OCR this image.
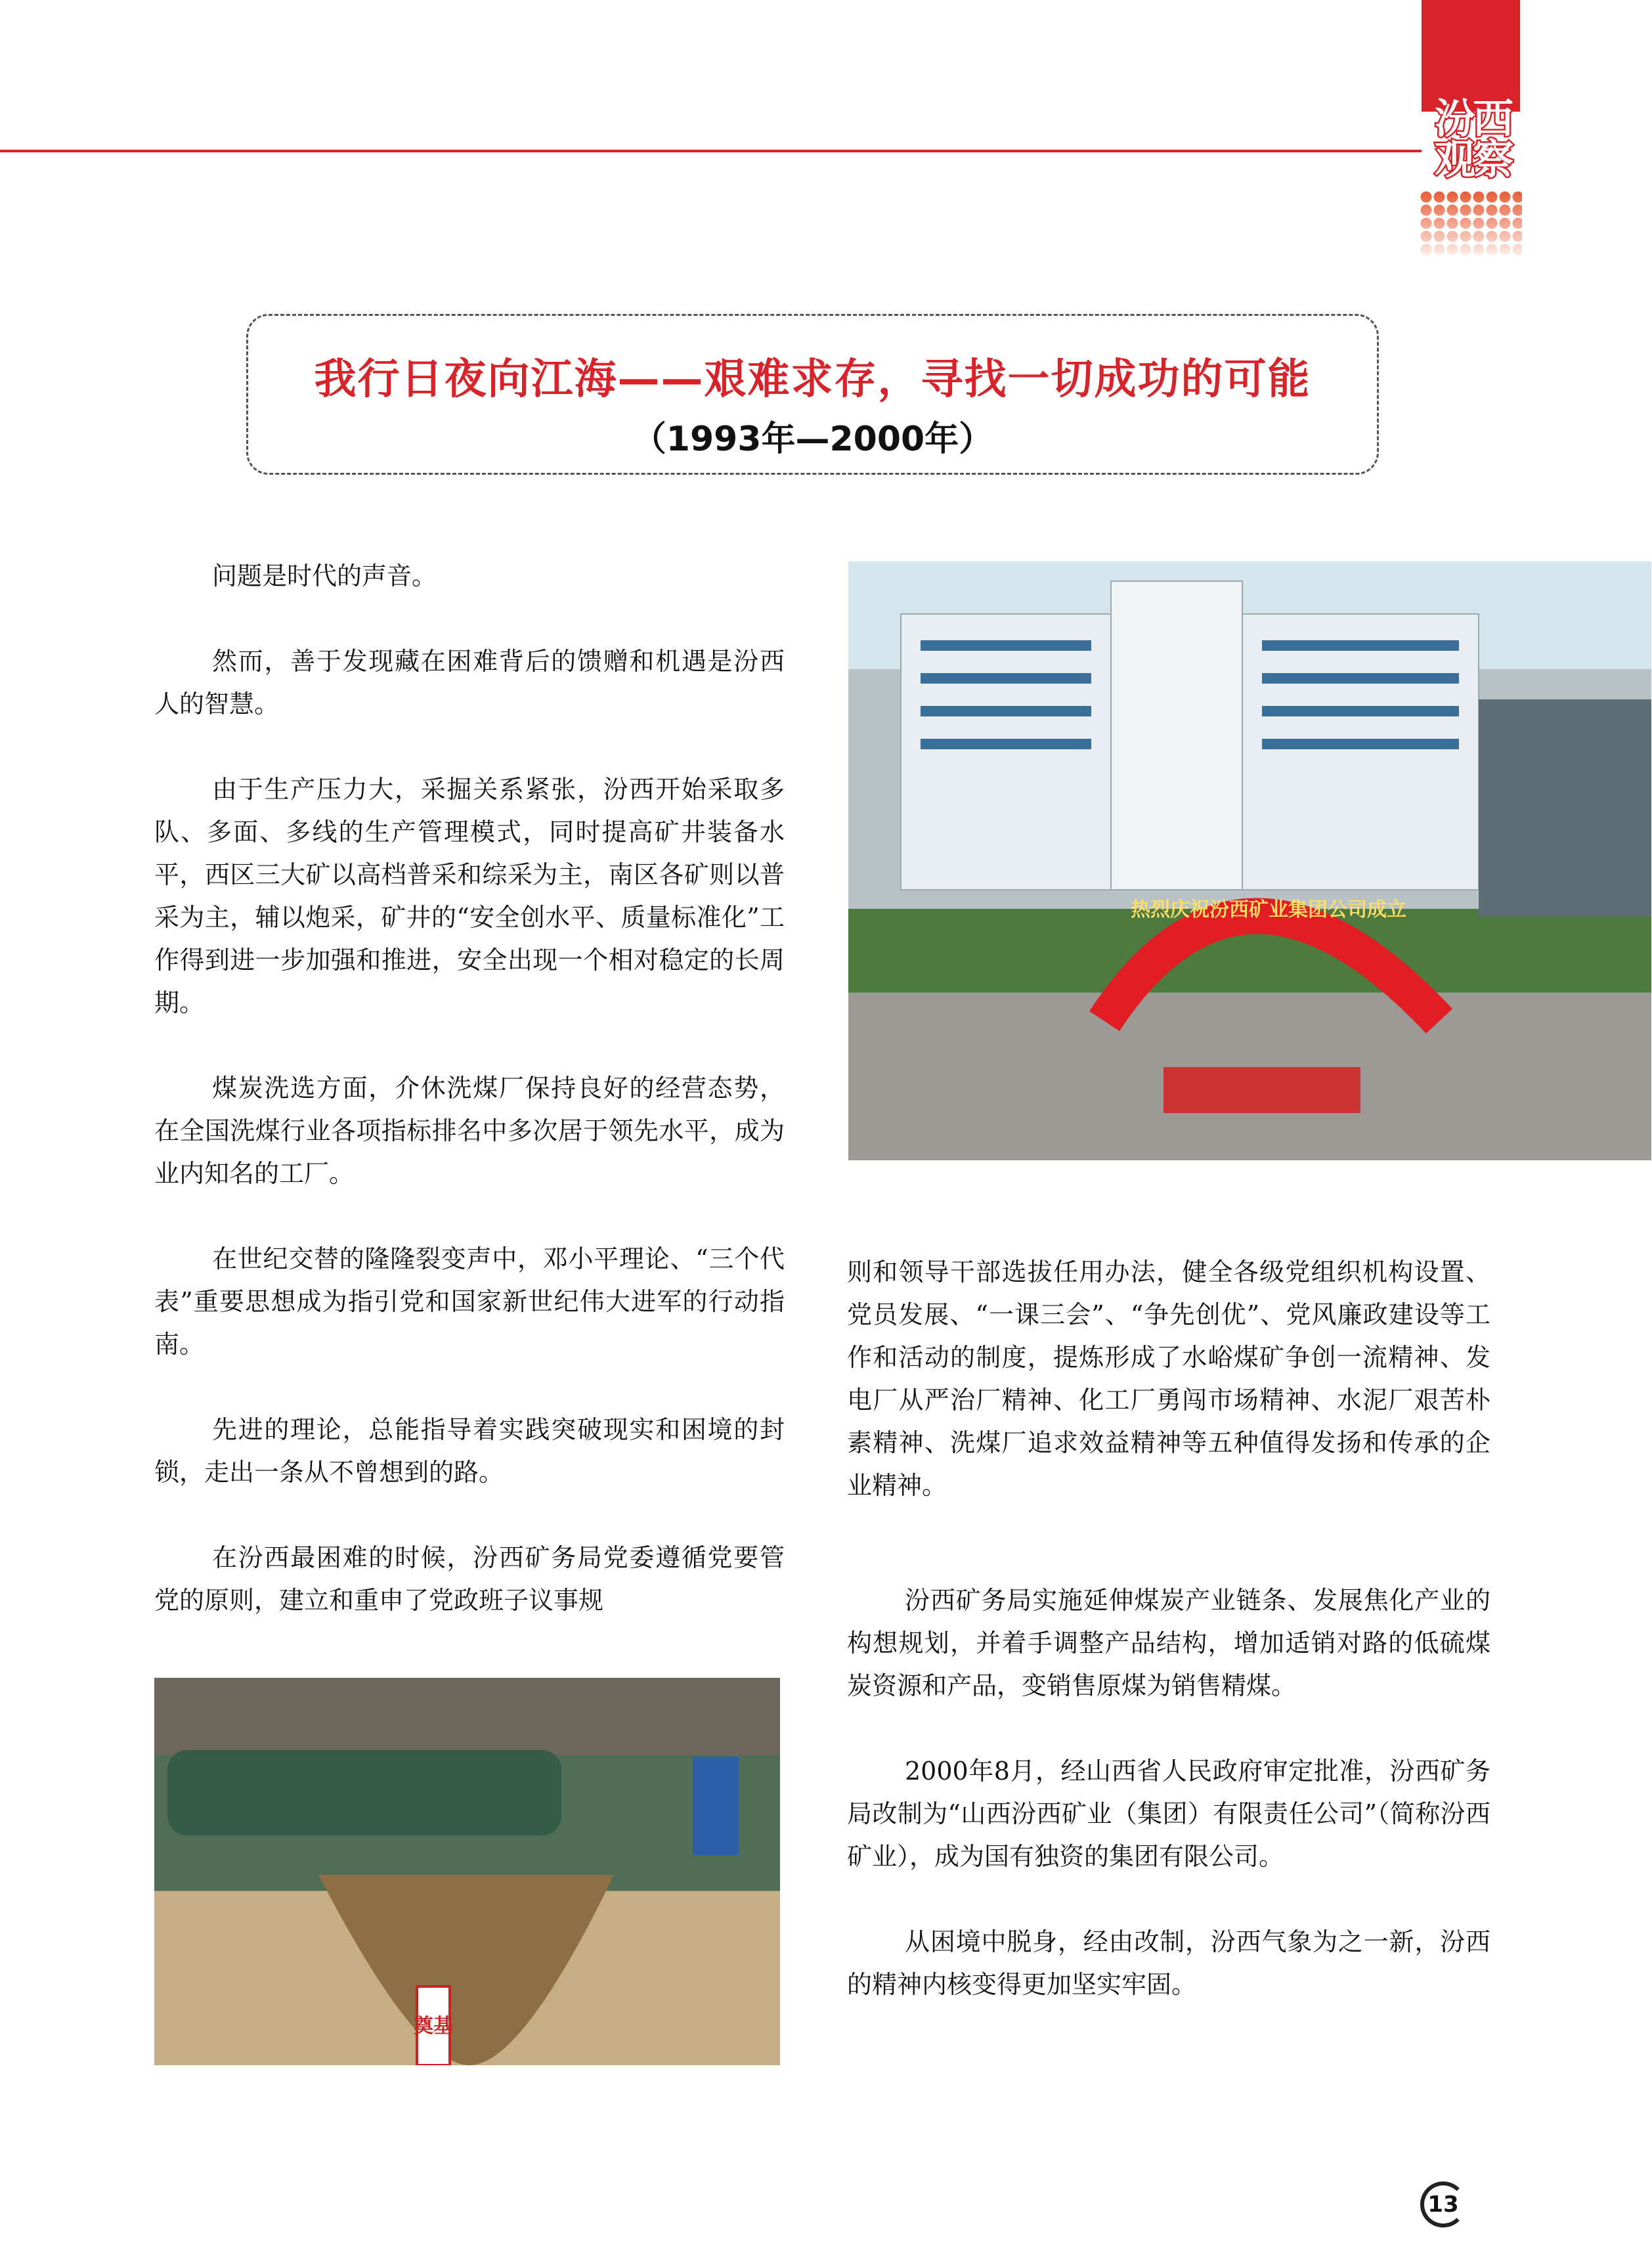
汾西观察
我行日夜向江海——艰难求存，寻找一切成功的可能
（1993年—2000年）

问题是时代的声音。

然而，善于发现藏在困难背后的馈赠和机遇是汾西人的智慧。

由于生产压力大，采掘关系紧张，汾西开始采取多队、多面、多线的生产管理模式，同时提高矿井装备水平，西区三大矿以高档普采和综采为主，南区各矿则以普采为主，辅以炮采，矿井的“安全创水平、质量标准化”工作得到进一步加强和推进，安全出现一个相对稳定的长周期。

煤炭洗选方面，介休洗煤厂保持良好的经营态势，在全国洗煤行业各项指标排名中多次居于领先水平，成为业内知名的工厂。

在世纪交替的隆隆裂变声中，邓小平理论、“三个代表”重要思想成为指引党和国家新世纪伟大进军的行动指南。

先进的理论，总能指导着实践突破现实和困境的封锁，走出一条从不曾想到的路。

在汾西最困难的时候，汾西矿务局党委遵循党要管党的原则，建立和重申了党政班子议事规

热烈庆祝汾西矿业集团公司成立

则和领导干部选拔任用办法，健全各级党组织机构设置、党员发展、“一课三会”、“争先创优”、党风廉政建设等工作和活动的制度，提炼形成了水峪煤矿争创一流精神、发电厂从严治厂精神、化工厂勇闯市场精神、水泥厂艰苦朴素精神、洗煤厂追求效益精神等五种值得发扬和传承的企业精神。

汾西矿务局实施延伸煤炭产业链条、发展焦化产业的构想规划，并着手调整产品结构，增加适销对路的低硫煤炭资源和产品，变销售原煤为销售精煤。

2000年8月，经山西省人民政府审定批准，汾西矿务局改制为“山西汾西矿业（集团）有限责任公司”（简称汾西矿业），成为国有独资的集团有限公司。

从困境中脱身，经由改制，汾西气象为之一新，汾西的精神内核变得更加坚实牢固。

奠基
13
